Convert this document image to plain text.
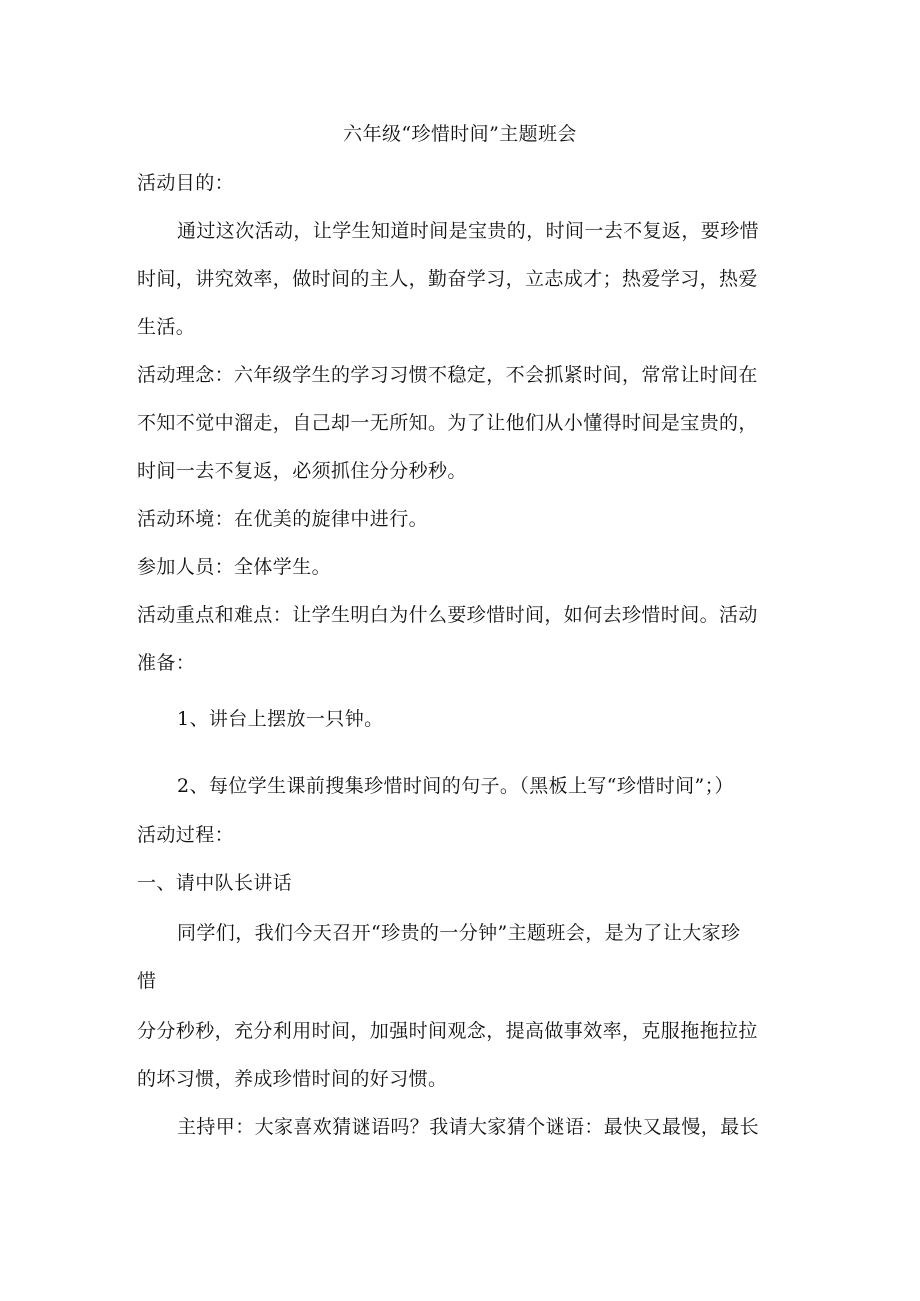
六年级“珍惜时间”主题班会
活动目的：
通过这次活动，让学生知道时间是宝贵的，时间一去不复返，要珍惜
时间，讲究效率，做时间的主人，勤奋学习，立志成才；热爱学习，热爱
生活。
活动理念：六年级学生的学习习惯不稳定，不会抓紧时间，常常让时间在
不知不觉中溜走，自己却一无所知。为了让他们从小懂得时间是宝贵的，
时间一去不复返，必须抓住分分秒秒。
活动环境：在优美的旋律中进行。
参加人员：全体学生。
活动重点和难点：让学生明白为什么要珍惜时间，如何去珍惜时间。活动
准备：
1、讲台上摆放一只钟。
2、每位学生课前搜集珍惜时间的句子。（黑板上写“珍惜时间”；）
活动过程：
一、请中队长讲话
同学们，我们今天召开“珍贵的一分钟”主题班会，是为了让大家珍
惜
分分秒秒，充分利用时间，加强时间观念，提高做事效率，克服拖拖拉拉
的坏习惯，养成珍惜时间的好习惯。
主持甲：大家喜欢猜谜语吗？我请大家猜个谜语：最快又最慢，最长
